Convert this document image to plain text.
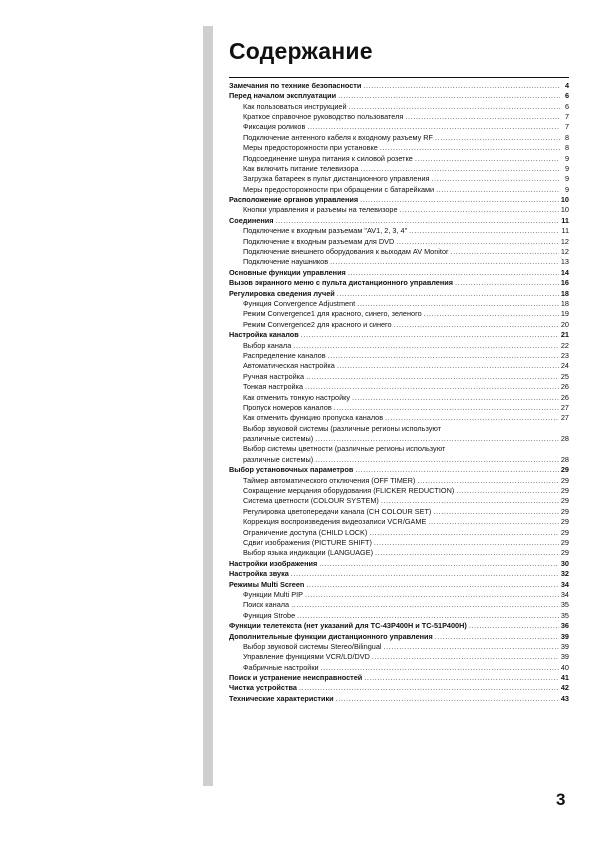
Содержание
Замечания по технике безопасности .....	4
Перед началом эксплуатации .....	6
Как пользоваться инструкцией .....	6
Краткое справочное руководство пользователя .....	7
Фиксация роликов .....	7
Подключение антенного кабеля к входному разъему RF .....	8
Меры предосторожности при установке .....	8
Подсоединение шнура питания к силовой розетке .....	9
Как включить питание телевизора .....	9
Загрузка батареек в пульт дистанционного управления .....	9
Меры предосторожности при обращении с батарейками .....	9
Расположение органов управления .....	10
Кнопки управления и разъемы на телевизоре .....	10
Соединения .....	11
Подключение к входным разъемам "AV1, 2, 3, 4" .....	11
Подключение к входным разъемам для DVD .....	12
Подключение внешнего оборудования к выходам AV Monitor .....	12
Подключение наушников .....	13
Основные функции управления .....	14
Вызов экранного меню с пульта дистанционного управления .....	16
Регулировка сведения лучей .....	18
Функция Convergence Adjustment .....	18
Режим Convergence1 для красного, синего, зеленого .....	19
Режим Convergence2 для красного и синего .....	20
Настройка каналов .....	21
Выбор канала .....	22
Распределение каналов .....	23
Автоматическая настройка .....	24
Ручная настройка .....	25
Тонкая настройка .....	26
Как отменить тонкую настройку .....	26
Пропуск номеров каналов .....	27
Как отменить функцию пропуска каналов .....	27
Выбор звуковой системы (различные регионы используют
различные системы) .....	28
Выбор системы цветности (различные регионы используют
различные системы) .....	28
Выбор установочных параметров .....	29
Таймер автоматического отключения (OFF TIMER) .....	29
Сокращение мерцания оборудования (FLICKER REDUCTION) .....	29
Система цветности (COLOUR SYSTEM) .....	29
Регулировка цветопередачи канала (CH COLOUR SET) .....	29
Коррекция воспроизведения видеозаписи VCR/GAME .....	29
Ограничение доступа (CHILD LOCK) .....	29
Сдвиг изображения (PICTURE SHIFT) .....	29
Выбор языка индикации (LANGUAGE) .....	29
Настройки изображения .....	30
Настройка звука .....	32
Режимы Multi Screen .....	34
Функции Multi PIP .....	34
Поиск канала .....	35
Функция Strobe .....	35
Функции телетекста (нет указаний для TC-43P400H и TC-51P400H) .....	36
Дополнительные функции дистанционного управления .....	39
Выбор звуковой системы Stereo/Bilingual .....	39
Управление функциями VCR/LD/DVD .....	39
Фабричные настройки .....	40
Поиск и устранение неисправностей .....	41
Чистка устройства .....	42
Технические характеристики .....	43
3
